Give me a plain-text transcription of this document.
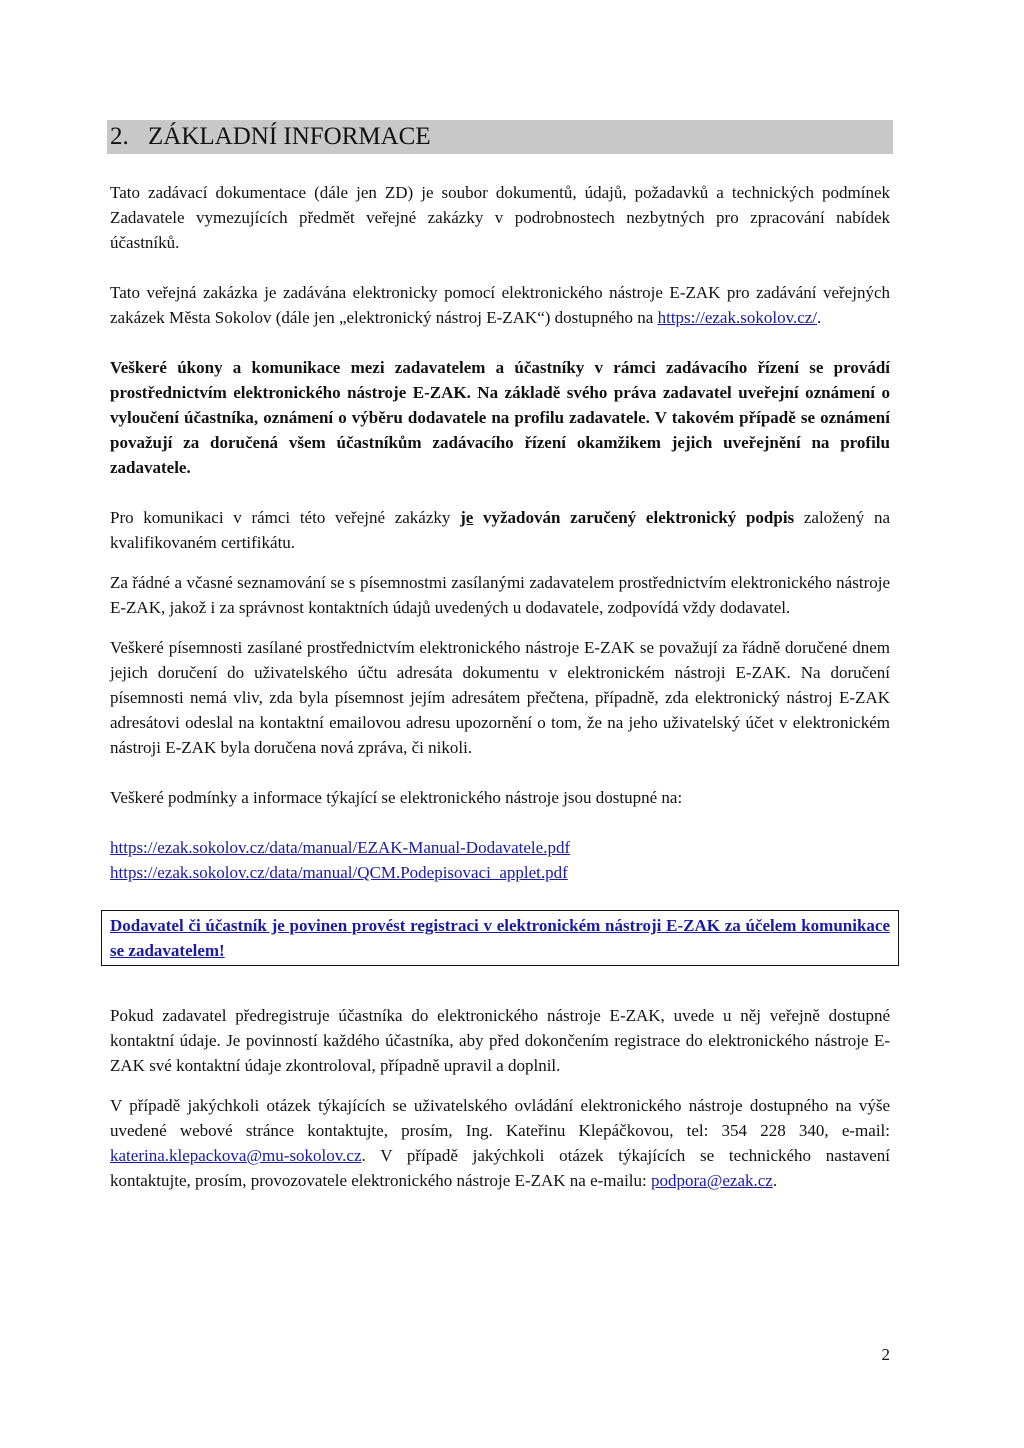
2. ZÁKLADNÍ INFORMACE

Tato zadávací dokumentace (dále jen ZD) je soubor dokumentů, údajů, požadavků a technických podmínek Zadavatele vymezujících předmět veřejné zakázky v podrobnostech nezbytných pro zpracování nabídek účastníků.

Tato veřejná zakázka je zadávána elektronicky pomocí elektronického nástroje E-ZAK pro zadávání veřejných zakázek Města Sokolov (dále jen „elektronický nástroj E-ZAK“) dostupného na https://ezak.sokolov.cz/.

Veškeré úkony a komunikace mezi zadavatelem a účastníky v rámci zadávacího řízení se provádí prostřednictvím elektronického nástroje E-ZAK. Na základě svého práva zadavatel uveřejní oznámení o vyloučení účastníka, oznámení o výběru dodavatele na profilu zadavatele. V takovém případě se oznámení považují za doručená všem účastníkům zadávacího řízení okamžikem jejich uveřejnění na profilu zadavatele.

Pro komunikaci v rámci této veřejné zakázky je vyžadován zaručený elektronický podpis založený na kvalifikovaném certifikátu.

Za řádné a včasné seznamování se s písemnostmi zasílanými zadavatelem prostřednictvím elektronického nástroje E-ZAK, jakož i za správnost kontaktních údajů uvedených u dodavatele, zodpovídá vždy dodavatel.

Veškeré písemnosti zasílané prostřednictvím elektronického nástroje E-ZAK se považují za řádně doručené dnem jejich doručení do uživatelského účtu adresáta dokumentu v elektronickém nástroji E-ZAK. Na doručení písemnosti nemá vliv, zda byla písemnost jejím adresátem přečtena, případně, zda elektronický nástroj E-ZAK adresátovi odeslal na kontaktní emailovou adresu upozornění o tom, že na jeho uživatelský účet v elektronickém nástroji E-ZAK byla doručena nová zpráva, či nikoli.

Veškeré podmínky a informace týkající se elektronického nástroje jsou dostupné na:

https://ezak.sokolov.cz/data/manual/EZAK-Manual-Dodavatele.pdf
https://ezak.sokolov.cz/data/manual/QCM.Podepisovaci_applet.pdf
Dodavatel či účastník je povinen provést registraci v elektronickém nástroji E-ZAK za účelem komunikace se zadavatelem!

Pokud zadavatel předregistruje účastníka do elektronického nástroje E-ZAK, uvede u něj veřejně dostupné kontaktní údaje. Je povinností každého účastníka, aby před dokončením registrace do elektronického nástroje E-ZAK své kontaktní údaje zkontroloval, případně upravil a doplnil.

V případě jakýchkoli otázek týkajících se uživatelského ovládání elektronického nástroje dostupného na výše uvedené webové stránce kontaktujte, prosím, Ing. Kateřinu Klepáčkovou, tel: 354 228 340, e-mail: katerina.klepackova@mu-sokolov.cz. V případě jakýchkoli otázek týkajících se technického nastavení kontaktujte, prosím, provozovatele elektronického nástroje E-ZAK na e-mailu: podpora@ezak.cz.

2
